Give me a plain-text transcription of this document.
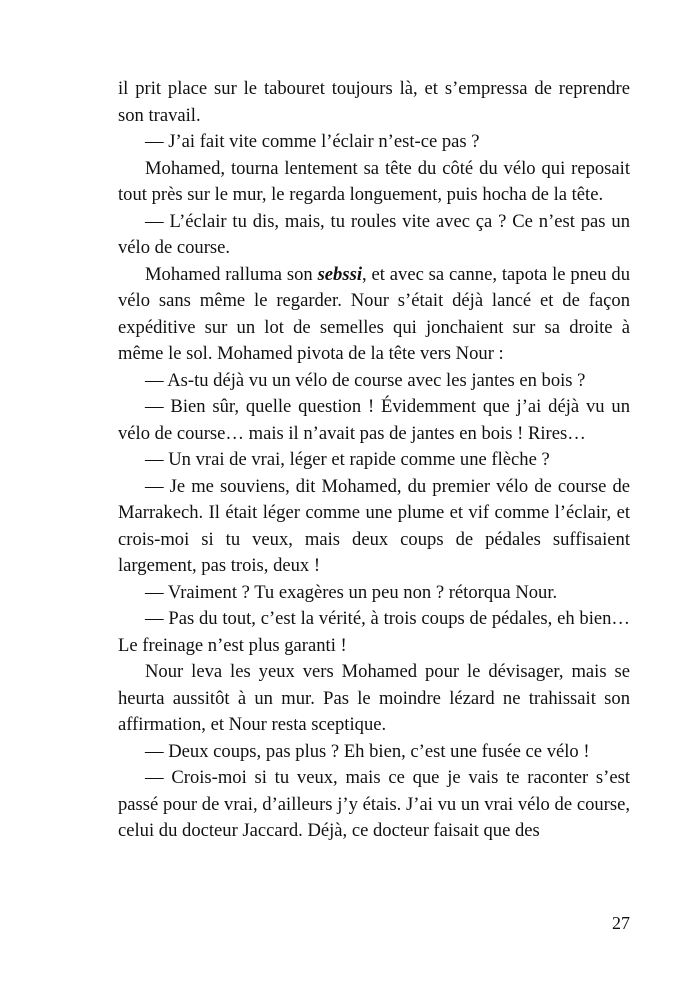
il prit place sur le tabouret toujours là, et s’empressa de reprendre son travail.

— J’ai fait vite comme l’éclair n’est-ce pas ?

Mohamed, tourna lentement sa tête du côté du vélo qui reposait tout près sur le mur, le regarda longuement, puis hocha de la tête.

— L’éclair tu dis, mais, tu roules vite avec ça ? Ce n’est pas un vélo de course.

Mohamed ralluma son sebssi, et avec sa canne, tapota le pneu du vélo sans même le regarder. Nour s’était déjà lancé et de façon expéditive sur un lot de semelles qui jonchaient sur sa droite à même le sol. Mohamed pivota de la tête vers Nour :

— As-tu déjà vu un vélo de course avec les jantes en bois ?

— Bien sûr, quelle question ! Évidemment que j’ai déjà vu un vélo de course… mais il n’avait pas de jantes en bois ! Rires…

— Un vrai de vrai, léger et rapide comme une flèche ?

— Je me souviens, dit Mohamed, du premier vélo de course de Marrakech. Il était léger comme une plume et vif comme l’éclair, et crois-moi si tu veux, mais deux coups de pédales suffisaient largement, pas trois, deux !

— Vraiment ? Tu exagères un peu non ? rétorqua Nour.

— Pas du tout, c’est la vérité, à trois coups de pédales, eh bien… Le freinage n’est plus garanti !

Nour leva les yeux vers Mohamed pour le dévisager, mais se heurta aussitôt à un mur. Pas le moindre lézard ne trahissait son affirmation, et Nour resta sceptique.

— Deux coups, pas plus ? Eh bien, c’est une fusée ce vélo !

— Crois-moi si tu veux, mais ce que je vais te raconter s’est passé pour de vrai, d’ailleurs j’y étais. J’ai vu un vrai vélo de course, celui du docteur Jaccard. Déjà, ce docteur faisait que des

27
